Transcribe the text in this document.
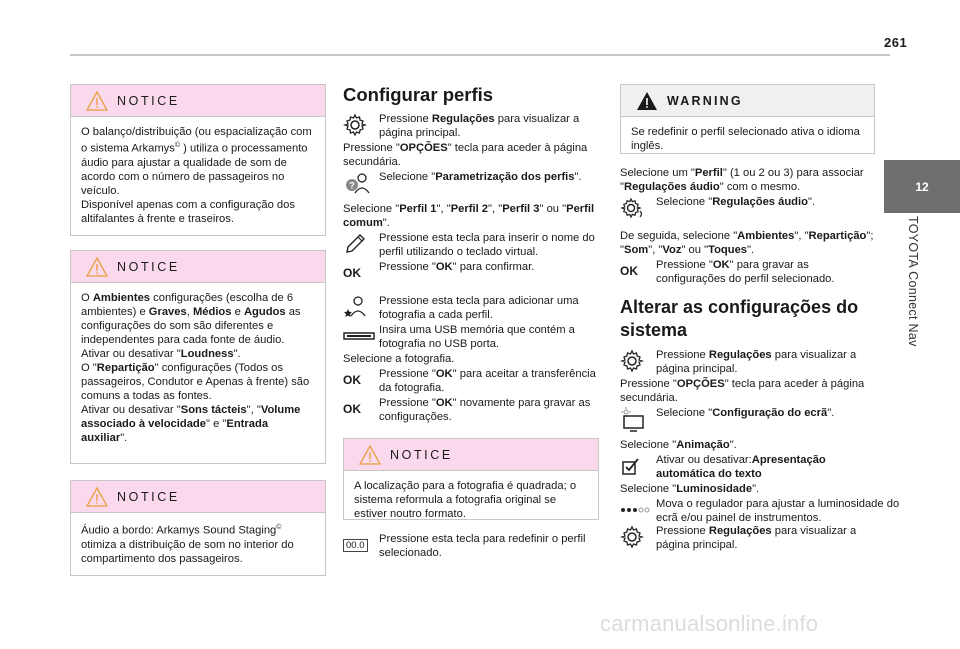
261
12
TOYOTA Connect Nav
NOTICE

O balanço/distribuição (ou espacialização com o sistema Arkamys© ) utiliza o processamento áudio para ajustar a qualidade de som de acordo com o número de passageiros no veículo.

Disponível apenas com a configuração dos altifalantes à frente e traseiros.

NOTICE

O Ambientes configurações (escolha de 6 ambientes) e Graves, Médios e Agudos as configurações do som são diferentes e independentes para cada fonte de áudio.

Ativar ou desativar "Loudness".

O "Repartição" configurações (Todos os passageiros, Condutor e Apenas à frente) são comuns a todas as fontes.

Ativar ou desativar "Sons tácteis", "Volume associado à velocidade" e "Entrada auxiliar".

NOTICE

Áudio a bordo: Arkamys Sound Staging© otimiza a distribuição de som no interior do compartimento dos passageiros.

Configurar perfis
Pressione Regulações para visualizar a página principal.

Pressione "OPÇÕES" tecla para aceder à página secundária.

?
Selecione "Parametrização dos perfis".

Selecione "Perfil 1", "Perfil 2", "Perfil 3" ou "Perfil comum".

Pressione esta tecla para inserir o nome do perfil utilizando o teclado virtual.
OK	Pressione "OK" para confirmar.
Pressione esta tecla para adicionar uma fotografia a cada perfil.
Insira uma USB memória que contém a fotografia no USB porta.

Selecione a fotografia.

OK	Pressione "OK" para aceitar a transferência da fotografia.
OK	Pressione "OK" novamente para gravar as configurações.
NOTICE
A localização para a fotografia é quadrada; o sistema reformula a fotografia original se estiver noutro formato.
00.0 Pressione esta tecla para redefinir o perfil selecionado.
WARNING
Se redefinir o perfil selecionado ativa o idioma inglês.

Selecione um "Perfil" (1 ou 2 ou 3) para associar "Regulações áudio" com o mesmo.

Selecione "Regulações áudio".

De seguida, selecione "Ambientes", "Repartição"; "Som", "Voz" ou "Toques".

OK	Pressione "OK" para gravar as configurações do perfil selecionado.
Alterar as configurações do sistema
Pressione Regulações para visualizar a página principal.

Pressione "OPÇÕES" tecla para aceder à página secundária.

Selecione "Configuração do ecrã".

Selecione "Animação".

Ativar ou desativar:Apresentação automática do texto

Selecione "Luminosidade".

Mova o regulador para ajustar a luminosidade do ecrã e/ou painel de instrumentos.
Pressione Regulações para visualizar a página principal.
carmanualsonline.info
